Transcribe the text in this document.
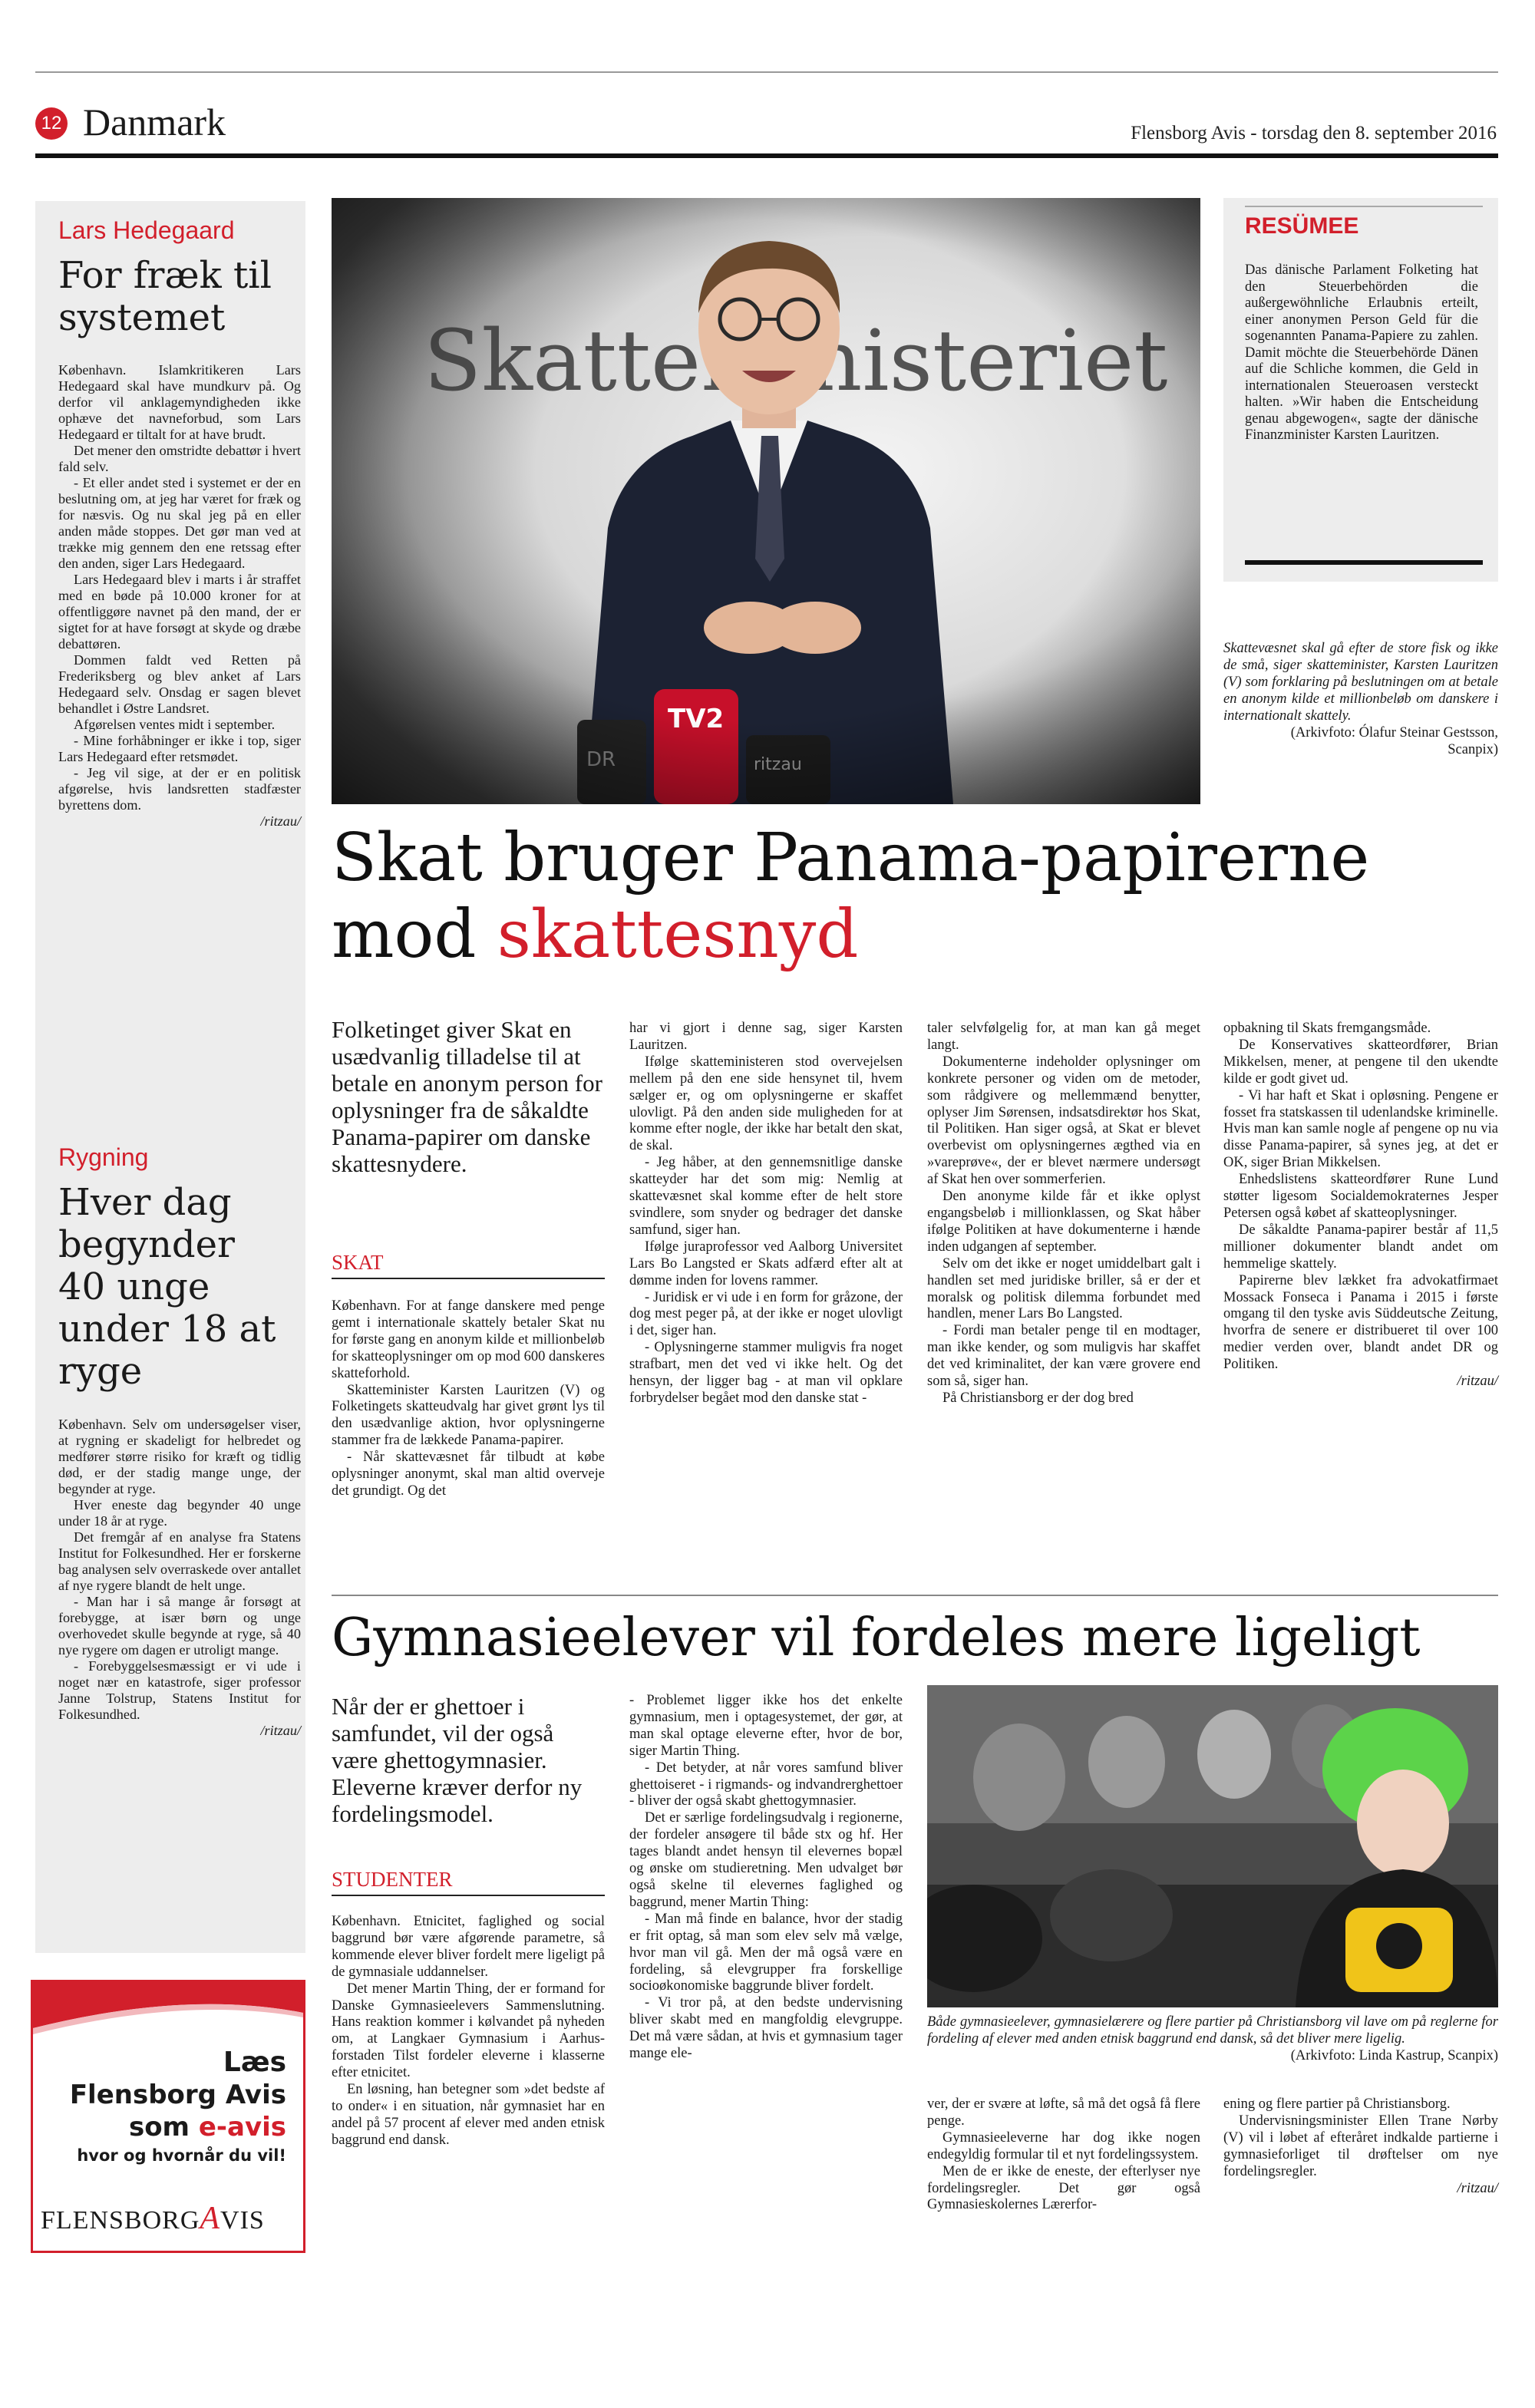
12 Danmark	Flensborg Avis - torsdag den 8. september 2016
Lars Hedegaard
For fræk til
systemet

København. Islamkritikeren Lars Hedegaard skal have mundkurv på. Og derfor vil anklagemyndigheden ikke ophæve det navneforbud, som Lars Hedegaard er tiltalt for at have brudt.

Det mener den omstridte debattør i hvert fald selv.

- Et eller andet sted i systemet er der en beslutning om, at jeg har været for fræk og for næsvis. Og nu skal jeg på en eller anden måde stoppes. Det gør man ved at trække mig gennem den ene retssag efter den anden, siger Lars Hedegaard.

Lars Hedegaard blev i marts i år straffet med en bøde på 10.000 kroner for at offentliggøre navnet på den mand, der er sigtet for at have forsøgt at skyde og dræbe debattøren.

Dommen faldt ved Retten på Frederiksberg og blev anket af Lars Hedegaard selv. Onsdag er sagen blevet behandlet i Østre Landsret.

Afgørelsen ventes midt i september.

- Mine forhåbninger er ikke i top, siger Lars Hedegaard efter retsmødet.

- Jeg vil sige, at der er en politisk afgørelse, hvis landsretten stadfæster byrettens dom.

/ritzau/

Rygning
Hver dag
begynder
40 unge
under 18 at
ryge

København. Selv om undersøgelser viser, at rygning er skadeligt for helbredet og medfører større risiko for kræft og tidlig død, er der stadig mange unge, der begynder at ryge.

Hver eneste dag begynder 40 unge under 18 år at ryge.

Det fremgår af en analyse fra Statens Institut for Folkesundhed. Her er forskerne bag analysen selv overraskede over antallet af nye rygere blandt de helt unge.

- Man har i så mange år forsøgt at forebygge, at især børn og unge overhovedet skulle begynde at ryge, så 40 nye rygere om dagen er utroligt mange.

- Forebyggelsesmæssigt er vi ude i noget nær en katastrofe, siger professor Janne Tolstrup, Statens Institut for Folkesundhed.

/ritzau/

Læs
Flensborg Avis
som e-avis
hvor og hvornår du vil!
FLENSBORGAVIS
RESÜMEE
Das dänische Parlament Folketing hat den Steuerbehörden die außergewöhnliche Erlaubnis erteilt, einer anonymen Person Geld für die sogenannten Panama-Papiere zu zahlen. Damit möchte die Steuerbehörde Dänen auf die Schliche kommen, die Geld in internationalen Steueroasen versteckt halten. »Wir haben die Entscheidung genau abgewogen«, sagte der dänische Finanzminister Karsten Lauritzen.
Skattevæsnet skal gå efter de store fisk og ikke de små, siger skatteminister, Karsten Lauritzen (V) som forklaring på beslutningen om at betale en anonym kilde et millionbeløb om danskere i internationalt skattely.
(Arkivfoto: Ólafur Steinar Gestsson,
Scanpix)
Skat bruger Panama-papirerne
mod skattesnyd
Folketinget giver Skat en usædvanlig tilladelse til at betale en anonym person for oplysninger fra de såkaldte Panama-papirer om danske skattesnydere.
SKAT

København. For at fange danskere med penge gemt i internationale skattely betaler Skat nu for første gang en anonym kilde et millionbeløb for skatteoplysninger om op mod 600 danskeres skatteforhold.

Skatteminister Karsten Lauritzen (V) og Folketingets skatteudvalg har givet grønt lys til den usædvanlige aktion, hvor oplysningerne stammer fra de lækkede Panama-papirer.

- Når skattevæsnet får tilbudt at købe oplysninger anonymt, skal man altid overveje det grundigt. Og det

har vi gjort i denne sag, siger Karsten Lauritzen.

Ifølge skatteministeren stod overvejelsen mellem på den ene side hensynet til, hvem sælger er, og om oplysningerne er skaffet ulovligt. På den anden side muligheden for at komme efter nogle, der ikke har betalt den skat, de skal.

- Jeg håber, at den gennemsnitlige danske skatteyder har det som mig: Nemlig at skattevæsnet skal komme efter de helt store svindlere, som snyder og bedrager det danske samfund, siger han.

Ifølge juraprofessor ved Aalborg Universitet Lars Bo Langsted er Skats adfærd efter alt at dømme inden for lovens rammer.

- Juridisk er vi ude i en form for gråzone, der dog mest peger på, at der ikke er noget ulovligt i det, siger han.

- Oplysningerne stammer muligvis fra noget strafbart, men det ved vi ikke helt. Og det hensyn, der ligger bag - at man vil opklare forbrydelser begået mod den danske stat -

taler selvfølgelig for, at man kan gå meget langt.

Dokumenterne indeholder oplysninger om konkrete personer og viden om de metoder, som rådgivere og mellemmænd benytter, oplyser Jim Sørensen, indsatsdirektør hos Skat, til Politiken. Han siger også, at Skat er blevet overbevist om oplysningernes ægthed via en »vareprøve«, der er blevet nærmere undersøgt af Skat hen over sommerferien.

Den anonyme kilde får et ikke oplyst engangsbeløb i millionklassen, og Skat håber ifølge Politiken at have dokumenterne i hænde inden udgangen af september.

Selv om det ikke er noget umiddelbart galt i handlen set med juridiske briller, så er der et moralsk og politisk dilemma forbundet med handlen, mener Lars Bo Langsted.

- Fordi man betaler penge til en modtager, man ikke kender, og som muligvis har skaffet det ved kriminalitet, der kan være grovere end som så, siger han.

På Christiansborg er der dog bred

opbakning til Skats fremgangsmåde.

De Konservatives skatteordfører, Brian Mikkelsen, mener, at pengene til den ukendte kilde er godt givet ud.

- Vi har haft et Skat i opløsning. Pengene er fosset fra statskassen til udenlandske kriminelle. Hvis man kan samle nogle af pengene op nu via disse Panama-papirer, så synes jeg, at det er OK, siger Brian Mikkelsen.

Enhedslistens skatteordfører Rune Lund støtter ligesom Socialdemokraternes Jesper Petersen også købet af skatteoplysninger.

De såkaldte Panama-papirer består af 11,5 millioner dokumenter blandt andet om hemmelige skattely.

Papirerne blev lækket fra advokatfirmaet Mossack Fonseca i Panama i 2015 i første omgang til den tyske avis Süddeutsche Zeitung, hvorfra de senere er distribueret til over 100 medier verden over, blandt andet DR og Politiken.

/ritzau/

Gymnasieelever vil fordeles mere ligeligt
Når der er ghettoer i samfundet, vil der også være ghettogymnasier. Eleverne kræver derfor ny fordelingsmodel.
STUDENTER

København. Etnicitet, faglighed og social baggrund bør være afgørende parametre, så kommende elever bliver fordelt mere ligeligt på de gymnasiale uddannelser.

Det mener Martin Thing, der er formand for Danske Gymnasieelevers Sammenslutning. Hans reaktion kommer i kølvandet på nyheden om, at Langkaer Gymnasium i Aarhus-forstaden Tilst fordeler eleverne i klasserne efter etnicitet.

En løsning, han betegner som »det bedste af to onder« i en situation, når gymnasiet har en andel på 57 procent af elever med anden etnisk baggrund end dansk.

- Problemet ligger ikke hos det enkelte gymnasium, men i optagesystemet, der gør, at man skal optage eleverne efter, hvor de bor, siger Martin Thing.

- Det betyder, at når vores samfund bliver ghettoiseret - i rigmands- og indvandrerghettoer - bliver der også skabt ghettogymnasier.

Det er særlige fordelingsudvalg i regionerne, der fordeler ansøgere til både stx og hf. Her tages blandt andet hensyn til elevernes bopæl og ønske om studieretning. Men udvalget bør også skelne til elevernes faglighed og baggrund, mener Martin Thing:

- Man må finde en balance, hvor der stadig er frit optag, så man som elev selv må vælge, hvor man vil gå. Men der må også være en fordeling, så elevgrupper fra forskellige socioøkonomiske baggrunde bliver fordelt.

- Vi tror på, at den bedste undervisning bliver skabt med en mangfoldig elevgruppe. Det må være sådan, at hvis et gymnasium tager mange ele-

Både gymnasieelever, gymnasielærere og flere partier på Christiansborg vil lave om på reglerne for fordeling af elever med anden etnisk baggrund end dansk, så det bliver mere ligelig.
(Arkivfoto: Linda Kastrup, Scanpix)

ver, der er svære at løfte, så må det også få flere penge.

Gymnasieeleverne har dog ikke nogen endegyldig formular til et nyt fordelingssystem.

Men de er ikke de eneste, der efterlyser nye fordelingsregler. Det gør også Gymnasieskolernes Lærerfor-

ening og flere partier på Christiansborg.

Undervisningsminister Ellen Trane Nørby (V) vil i løbet af efteråret indkalde partierne i gymnasieforliget til drøftelser om nye fordelingsregler.

/ritzau/
